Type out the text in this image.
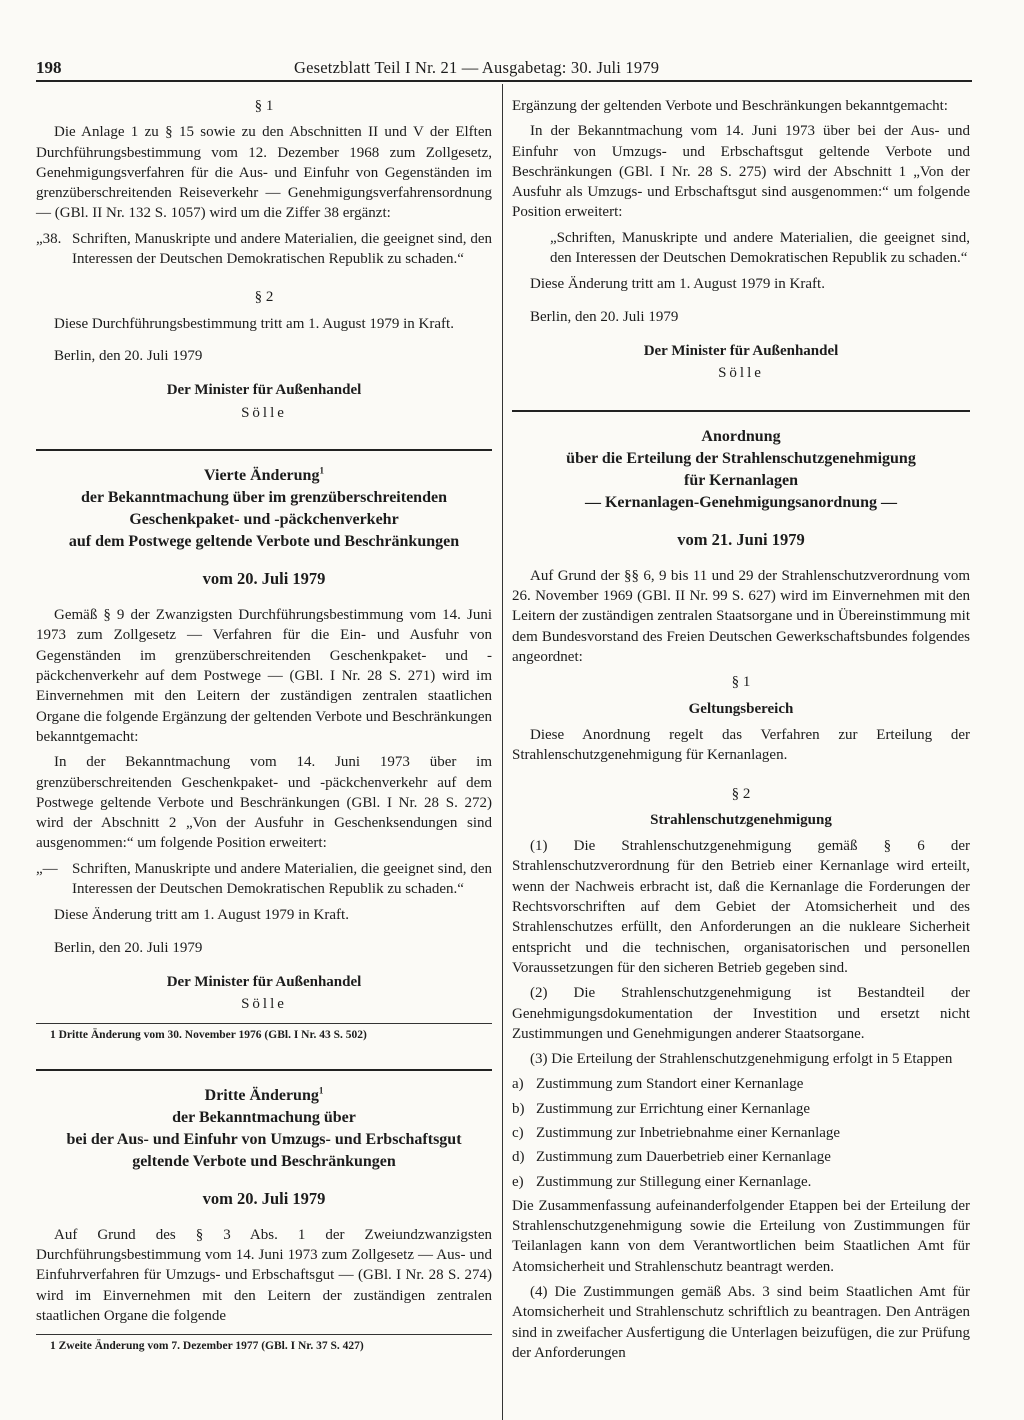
198	Gesetzblatt Teil I Nr. 21 — Ausgabetag: 30. Juli 1979
§ 1

Die Anlage 1 zu § 15 sowie zu den Abschnitten II und V der Elften Durchführungsbestimmung vom 12. Dezember 1968 zum Zollgesetz, Genehmigungsverfahren für die Aus- und Einfuhr von Gegenständen im grenzüberschreitenden Reiseverkehr — Genehmigungsverfahrensordnung — (GBl. II Nr. 132 S. 1057) wird um die Ziffer 38 ergänzt:

„38. Schriften, Manuskripte und andere Materialien, die geeignet sind, den Interessen der Deutschen Demokratischen Republik zu schaden.“
§ 2

Diese Durchführungsbestimmung tritt am 1. August 1979 in Kraft.

Berlin, den 20. Juli 1979

Der Minister für Außenhandel
Sölle
Vierte Änderung$^1$
der Bekanntmachung über im grenzüberschreitenden
Geschenkpaket- und -päckchenverkehr
auf dem Postwege geltende Verbote und Beschränkungen
vom 20. Juli 1979

Gemäß § 9 der Zwanzigsten Durchführungsbestimmung vom 14. Juni 1973 zum Zollgesetz — Verfahren für die Ein- und Ausfuhr von Gegenständen im grenzüberschreitenden Geschenkpaket- und -päckchenverkehr auf dem Postwege — (GBl. I Nr. 28 S. 271) wird im Einvernehmen mit den Leitern der zuständigen zentralen staatlichen Organe die folgende Ergänzung der geltenden Verbote und Beschränkungen bekanntgemacht:

In der Bekanntmachung vom 14. Juni 1973 über im grenzüberschreitenden Geschenkpaket- und -päckchenverkehr auf dem Postwege geltende Verbote und Beschränkungen (GBl. I Nr. 28 S. 272) wird der Abschnitt 2 „Von der Ausfuhr in Geschenksendungen sind ausgenommen:“ um folgende Position erweitert:

„— Schriften, Manuskripte und andere Materialien, die geeignet sind, den Interessen der Deutschen Demokratischen Republik zu schaden.“

Diese Änderung tritt am 1. August 1979 in Kraft.

Berlin, den 20. Juli 1979

Der Minister für Außenhandel
Sölle
1 Dritte Änderung vom 30. November 1976 (GBl. I Nr. 43 S. 502)
Dritte Änderung$^1$
der Bekanntmachung über
bei der Aus- und Einfuhr von Umzugs- und Erbschaftsgut
geltende Verbote und Beschränkungen
vom 20. Juli 1979

Auf Grund des § 3 Abs. 1 der Zweiundzwanzigsten Durchführungsbestimmung vom 14. Juni 1973 zum Zollgesetz — Aus- und Einfuhrverfahren für Umzugs- und Erbschaftsgut — (GBl. I Nr. 28 S. 274) wird im Einvernehmen mit den Leitern der zuständigen zentralen staatlichen Organe die folgende

1 Zweite Änderung vom 7. Dezember 1977 (GBl. I Nr. 37 S. 427)

Ergänzung der geltenden Verbote und Beschränkungen bekanntgemacht:

In der Bekanntmachung vom 14. Juni 1973 über bei der Aus- und Einfuhr von Umzugs- und Erbschaftsgut geltende Verbote und Beschränkungen (GBl. I Nr. 28 S. 275) wird der Abschnitt 1 „Von der Ausfuhr als Umzugs- und Erbschaftsgut sind ausgenommen:“ um folgende Position erweitert:

„Schriften, Manuskripte und andere Materialien, die geeignet sind, den Interessen der Deutschen Demokratischen Republik zu schaden.“

Diese Änderung tritt am 1. August 1979 in Kraft.

Berlin, den 20. Juli 1979

Der Minister für Außenhandel
Sölle
Anordnung
über die Erteilung der Strahlenschutzgenehmigung
für Kernanlagen
— Kernanlagen-Genehmigungsanordnung —
vom 21. Juni 1979

Auf Grund der §§ 6, 9 bis 11 und 29 der Strahlenschutzverordnung vom 26. November 1969 (GBl. II Nr. 99 S. 627) wird im Einvernehmen mit den Leitern der zuständigen zentralen Staatsorgane und in Übereinstimmung mit dem Bundesvorstand des Freien Deutschen Gewerkschaftsbundes folgendes angeordnet:

§ 1
Geltungsbereich

Diese Anordnung regelt das Verfahren zur Erteilung der Strahlenschutzgenehmigung für Kernanlagen.

§ 2
Strahlenschutzgenehmigung

(1) Die Strahlenschutzgenehmigung gemäß § 6 der Strahlenschutzverordnung für den Betrieb einer Kernanlage wird erteilt, wenn der Nachweis erbracht ist, daß die Kernanlage die Forderungen der Rechtsvorschriften auf dem Gebiet der Atomsicherheit und des Strahlenschutzes erfüllt, den Anforderungen an die nukleare Sicherheit entspricht und die technischen, organisatorischen und personellen Voraussetzungen für den sicheren Betrieb gegeben sind.

(2) Die Strahlenschutzgenehmigung ist Bestandteil der Genehmigungsdokumentation der Investition und ersetzt nicht Zustimmungen und Genehmigungen anderer Staatsorgane.

(3) Die Erteilung der Strahlenschutzgenehmigung erfolgt in 5 Etappen

a) Zustimmung zum Standort einer Kernanlage
b) Zustimmung zur Errichtung einer Kernanlage
c) Zustimmung zur Inbetriebnahme einer Kernanlage
d) Zustimmung zum Dauerbetrieb einer Kernanlage
e) Zustimmung zur Stillegung einer Kernanlage.

Die Zusammenfassung aufeinanderfolgender Etappen bei der Erteilung der Strahlenschutzgenehmigung sowie die Erteilung von Zustimmungen für Teilanlagen kann von dem Verantwortlichen beim Staatlichen Amt für Atomsicherheit und Strahlenschutz beantragt werden.

(4) Die Zustimmungen gemäß Abs. 3 sind beim Staatlichen Amt für Atomsicherheit und Strahlenschutz schriftlich zu beantragen. Den Anträgen sind in zweifacher Ausfertigung die Unterlagen beizufügen, die zur Prüfung der Anforderungen
